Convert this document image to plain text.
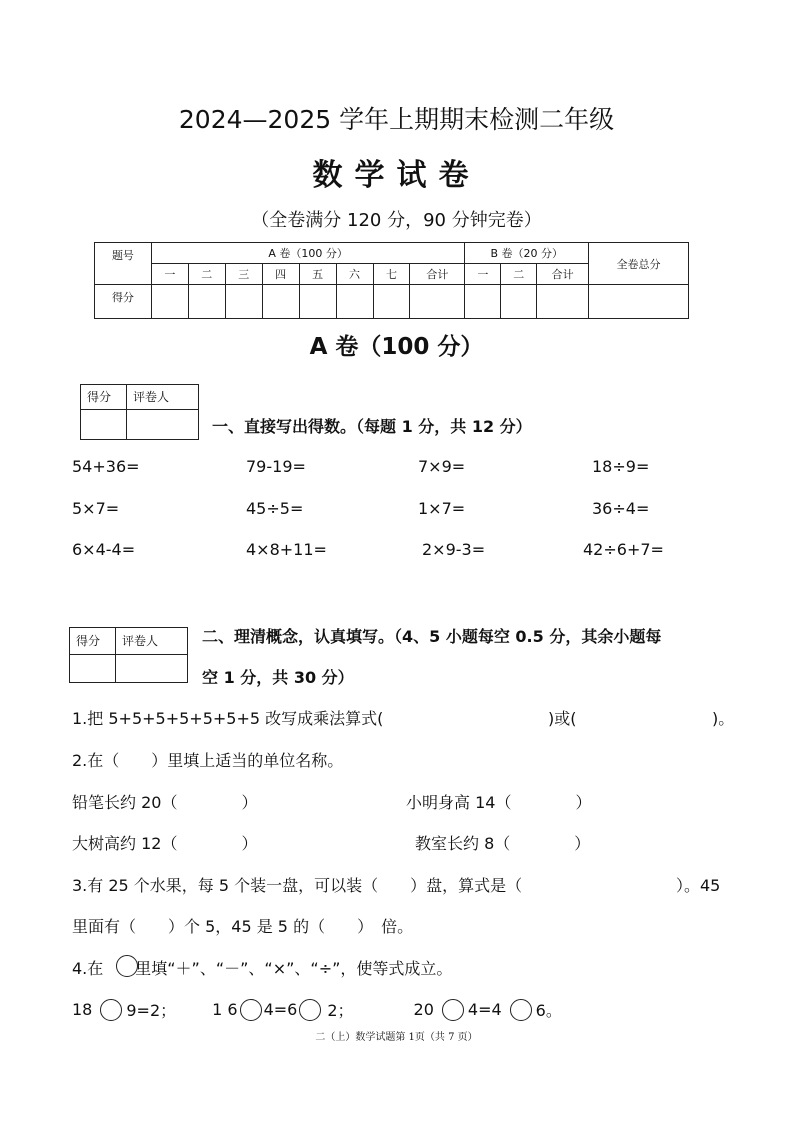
2024—2025 学年上期期末检测二年级
数学试卷
（全卷满分 120 分，90 分钟完卷）
题号	A 卷（100 分）								B 卷（20 分）			全卷总分
	一	二	三	四	五	六	七	合计	一	二	合计	
得分												
A 卷（100 分）
得分	评卷人

一、直接写出得数。（每题 1 分，共 12 分）
54+36=	79-19=	7×9=	18÷9=
5×7=	45÷5=	1×7=	36÷4=
6×4-4=	4×8+11=	2×9-3=	42÷6+7=
得分	评卷人
		二、理清概念，认真填写。（4、5 小题每空 0.5 分，其余小题每
空 1 分，共 30 分）
1.把 5+5+5+5+5+5+5 改写成乘法算式(	)或(	)。
2.在（　　）里填上适当的单位名称。
铅笔长约 20（　　　　）	小明身高 14（　　　　）
大树高约 12（　　　　）	教室长约 8（　　　　）
3.有 25 个水果，每 5 个装一盘，可以装（　　）盘，算式是（	）。45
里面有（　　）个 5，45 是 5 的（　　）　倍。
4.在　　里填“＋”、“－”、“×”、“÷”，使等式成立。
18 9=2； 1 6 4=6 2；	20 4=4 6。
二（上）数学试题第 1页（共 7 页）
